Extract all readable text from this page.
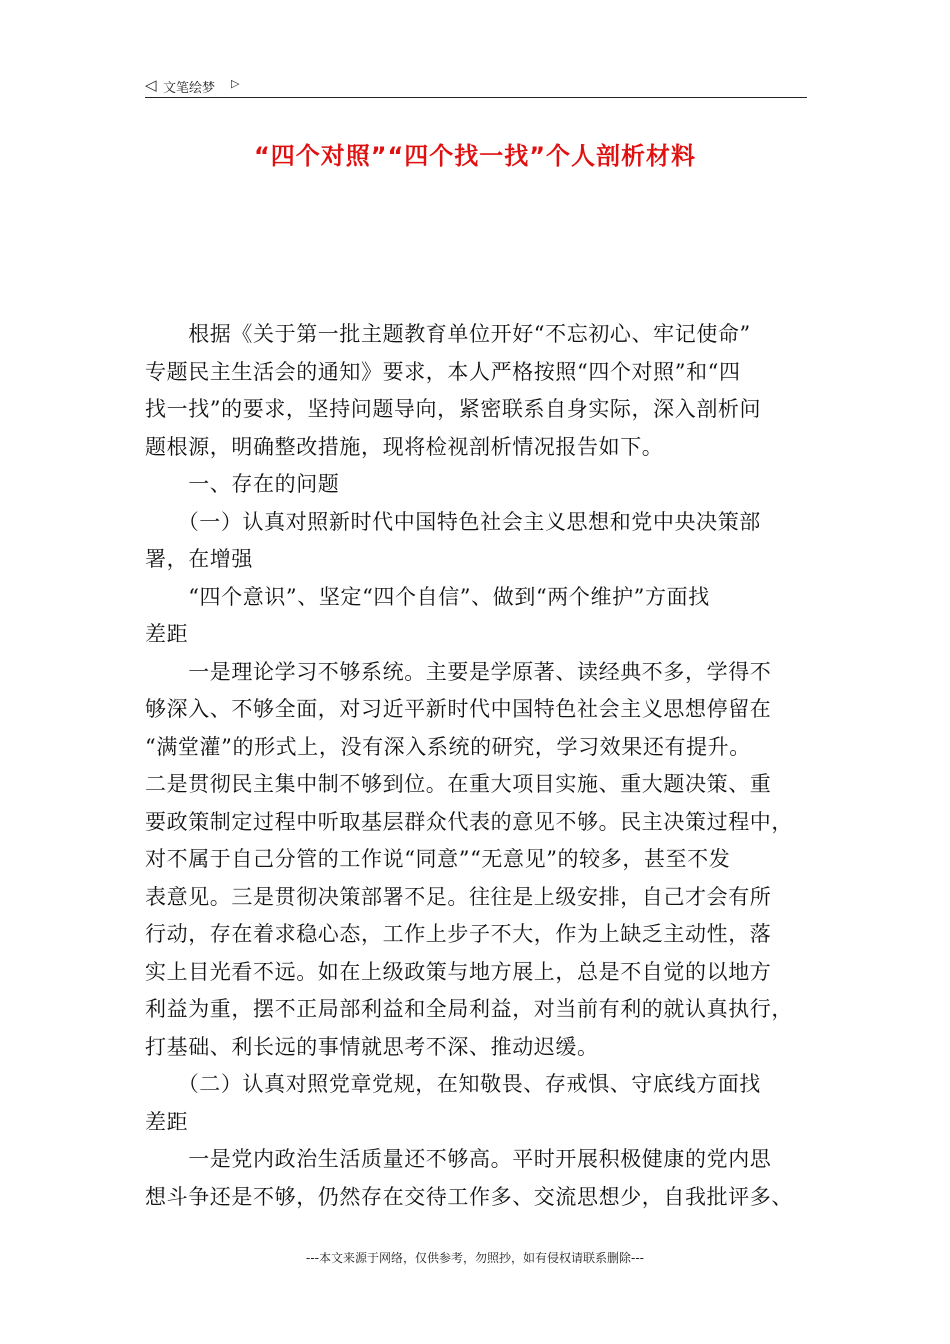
◁ 文笔绘梦 ▷
“四个对照”“四个找一找”个人剖析材料
　　根据《关于第一批主题教育单位开好“不忘初心、牢记使命”
专题民主生活会的通知》要求，本人严格按照“四个对照”和“四
找一找”的要求，坚持问题导向，紧密联系自身实际，深入剖析问
题根源，明确整改措施，现将检视剖析情况报告如下。
　　一、存在的问题
　　（一）认真对照新时代中国特色社会主义思想和党中央决策部
署，在增强
　　“四个意识”、坚定“四个自信”、做到“两个维护”方面找
差距
　　一是理论学习不够系统。主要是学原著、读经典不多，学得不
够深入、不够全面，对习近平新时代中国特色社会主义思想停留在
“满堂灌”的形式上，没有深入系统的研究，学习效果还有提升。
二是贯彻民主集中制不够到位。在重大项目实施、重大题决策、重
要政策制定过程中听取基层群众代表的意见不够。民主决策过程中，
对不属于自己分管的工作说“同意”“无意见”的较多，甚至不发
表意见。三是贯彻决策部署不足。往往是上级安排，自己才会有所
行动，存在着求稳心态，工作上步子不大，作为上缺乏主动性，落
实上目光看不远。如在上级政策与地方展上，总是不自觉的以地方
利益为重，摆不正局部利益和全局利益，对当前有利的就认真执行，
打基础、利长远的事情就思考不深、推动迟缓。
　　（二）认真对照党章党规，在知敬畏、存戒惧、守底线方面找
差距
　　一是党内政治生活质量还不够高。平时开展积极健康的党内思
想斗争还是不够，仍然存在交待工作多、交流思想少，自我批评多、
---本文来源于网络，仅供参考，勿照抄，如有侵权请联系删除---
